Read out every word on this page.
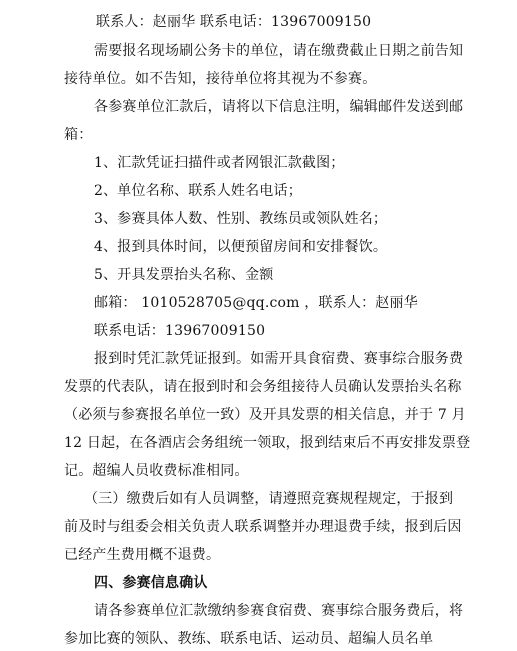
联系人：赵丽华 联系电话：13967009150
需要报名现场刷公务卡的单位，请在缴费截止日期之前告知
接待单位。如不告知，接待单位将其视为不参赛。
各参赛单位汇款后，请将以下信息注明，编辑邮件发送到邮
箱：
1、汇款凭证扫描件或者网银汇款截图；
2、单位名称、联系人姓名电话；
3、参赛具体人数、性别、教练员或领队姓名；
4、报到具体时间，以便预留房间和安排餐饮。
5、开具发票抬头名称、金额
邮箱： 1010528705@qq.com ，联系人：赵丽华
联系电话：13967009150
报到时凭汇款凭证报到。如需开具食宿费、赛事综合服务费
发票的代表队，请在报到时和会务组接待人员确认发票抬头名称
（必须与参赛报名单位一致）及开具发票的相关信息，并于 7 月
12 日起，在各酒店会务组统一领取，报到结束后不再安排发票登
记。超编人员收费标准相同。
（三）缴费后如有人员调整，请遵照竞赛规程规定，于报到
前及时与组委会相关负责人联系调整并办理退费手续，报到后因
已经产生费用概不退费。
四、参赛信息确认
请各参赛单位汇款缴纳参赛食宿费、赛事综合服务费后，将
参加比赛的领队、教练、联系电话、运动员、超编人员名单
